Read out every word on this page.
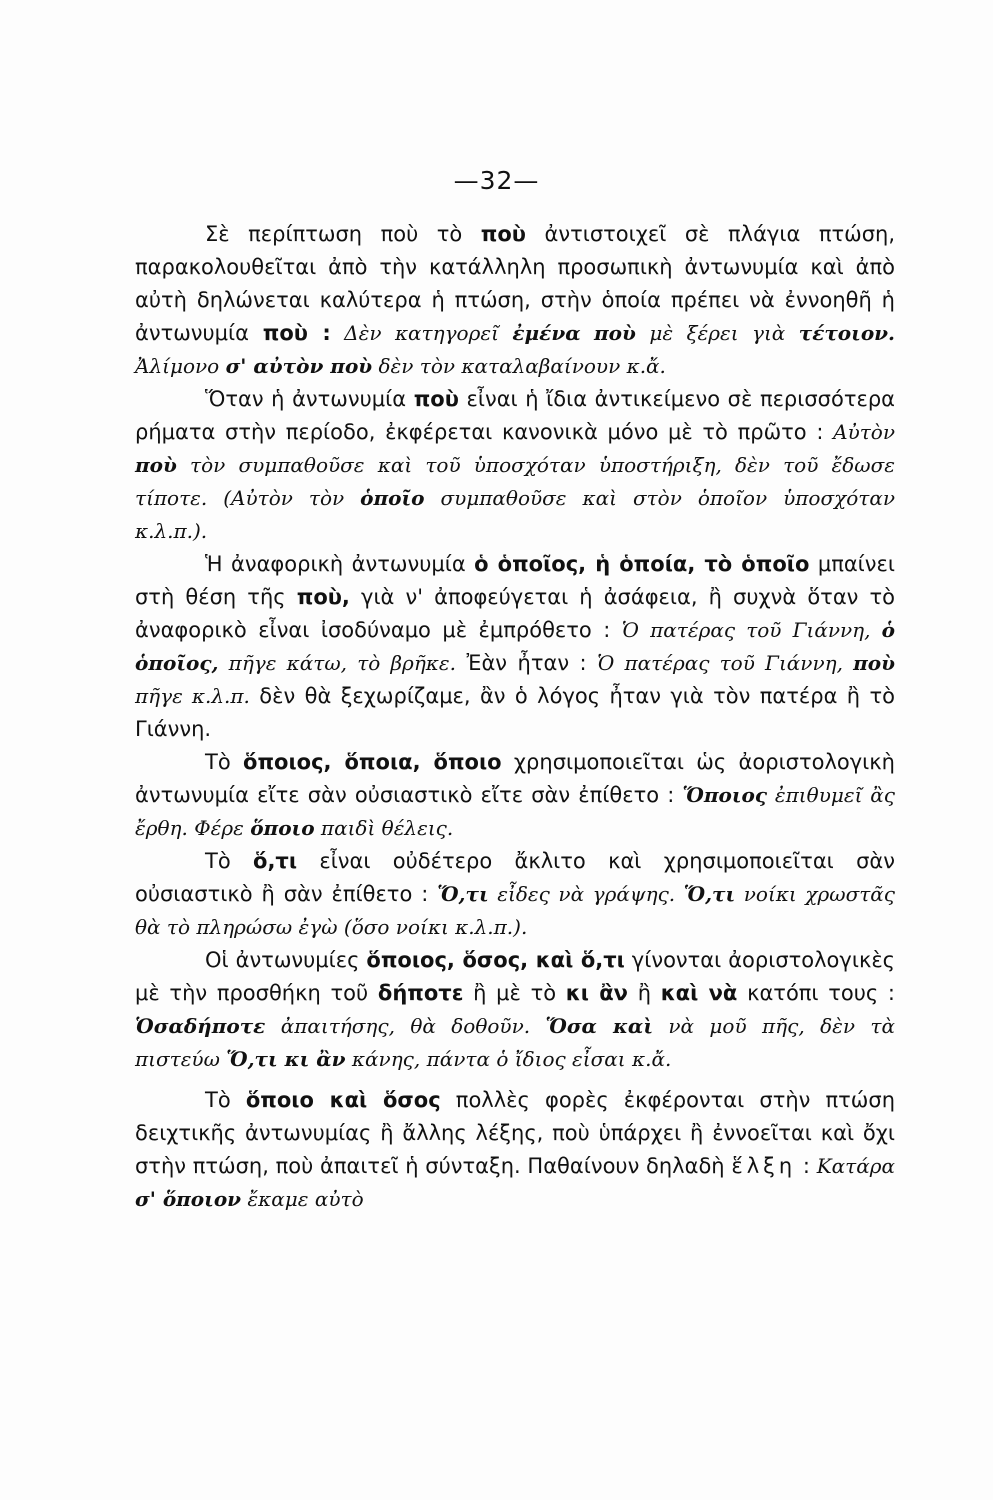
—32—

Σὲ περίπτωση ποὺ τὸ ποὺ ἀντιστοιχεῖ σὲ πλάγια πτώση, παρακολουθεῖται ἀπὸ τὴν κατάλληλη προσωπικὴ ἀντωνυμία καὶ ἀπὸ αὐτὴ δηλώνεται καλύτερα ἡ πτώση, στὴν ὁποία πρέπει νὰ ἐννοηθῆ ἡ ἀντωνυμία ποὺ : Δὲν κατηγορεῖ ἐμένα ποὺ μὲ ξέρει γιὰ τέτοιον. Ἀλίμονο σ' αὐτὸν ποὺ δὲν τὸν καταλαβαίνουν κ.ἄ.

Ὅταν ἡ ἀντωνυμία ποὺ εἶναι ἡ ἴδια ἀντικείμενο σὲ περισσότερα ρήματα στὴν περίοδο, ἐκφέρεται κανονικὰ μόνο μὲ τὸ πρῶτο : Αὐτὸν ποὺ τὸν συμπαθοῦσε καὶ τοῦ ὑποσχόταν ὑποστήριξη, δὲν τοῦ ἔδωσε τίποτε. (Αὐτὸν τὸν ὁποῖο συμπαθοῦσε καὶ στὸν ὁποῖον ὑποσχόταν κ.λ.π.).

Ἡ ἀναφορικὴ ἀντωνυμία ὁ ὁποῖος, ἡ ὁποία, τὸ ὁποῖο μπαίνει στὴ θέση τῆς ποὺ, γιὰ ν' ἀποφεύγεται ἡ ἀσάφεια, ἢ συχνὰ ὅταν τὸ ἀναφορικὸ εἶναι ἰσοδύναμο μὲ ἐμπρόθετο : Ὁ πατέρας τοῦ Γιάννη, ὁ ὁποῖος, πῆγε κάτω, τὸ βρῆκε. Ἐὰν ἦταν : Ὁ πατέρας τοῦ Γιάννη, ποὺ πῆγε κ.λ.π. δὲν θὰ ξεχωρίζαμε, ἂν ὁ λόγος ἦταν γιὰ τὸν πατέρα ἢ τὸ Γιάννη.

Τὸ ὅποιος, ὅποια, ὅποιο χρησιμοποιεῖται ὡς ἀοριστολογικὴ ἀντωνυμία εἴτε σὰν οὐσιαστικὸ εἴτε σὰν ἐπίθετο : Ὅποιος ἐπιθυμεῖ ἂς ἔρθη. Φέρε ὅποιο παιδὶ θέλεις.

Τὸ ὅ,τι εἶναι οὐδέτερο ἄκλιτο καὶ χρησιμοποιεῖται σὰν οὐσιαστικὸ ἢ σὰν ἐπίθετο : Ὅ,τι εἶδες νὰ γράψης. Ὅ,τι νοίκι χρωστᾶς θὰ τὸ πληρώσω ἐγὼ (ὅσο νοίκι κ.λ.π.).

Οἱ ἀντωνυμίες ὅποιος, ὅσος, καὶ ὅ,τι γίνονται ἀοριστολογικὲς μὲ τὴν προσθήκη τοῦ δήποτε ἢ μὲ τὸ κι ἂν ἢ καὶ νὰ κατόπι τους : Ὁσαδήποτε ἀπαιτήσης, θὰ δοθοῦν. Ὅσα καὶ νὰ μοῦ πῆς, δὲν τὰ πιστεύω Ὅ,τι κι ἂν κάνης, πάντα ὁ ἴδιος εἶσαι κ.ἄ.

Τὸ ὅποιο καὶ ὅσος πολλὲς φορὲς ἐκφέρονται στὴν πτώση δειχτικῆς ἀντωνυμίας ἢ ἄλλης λέξης, ποὺ ὑπάρχει ἢ ἐννοεῖται καὶ ὄχι στὴν πτώση, ποὺ ἀπαιτεῖ ἡ σύνταξη. Παθαίνουν δηλαδὴ ἕλξη : Κατάρα σ' ὅποιον ἔκαμε αὐτὸ
